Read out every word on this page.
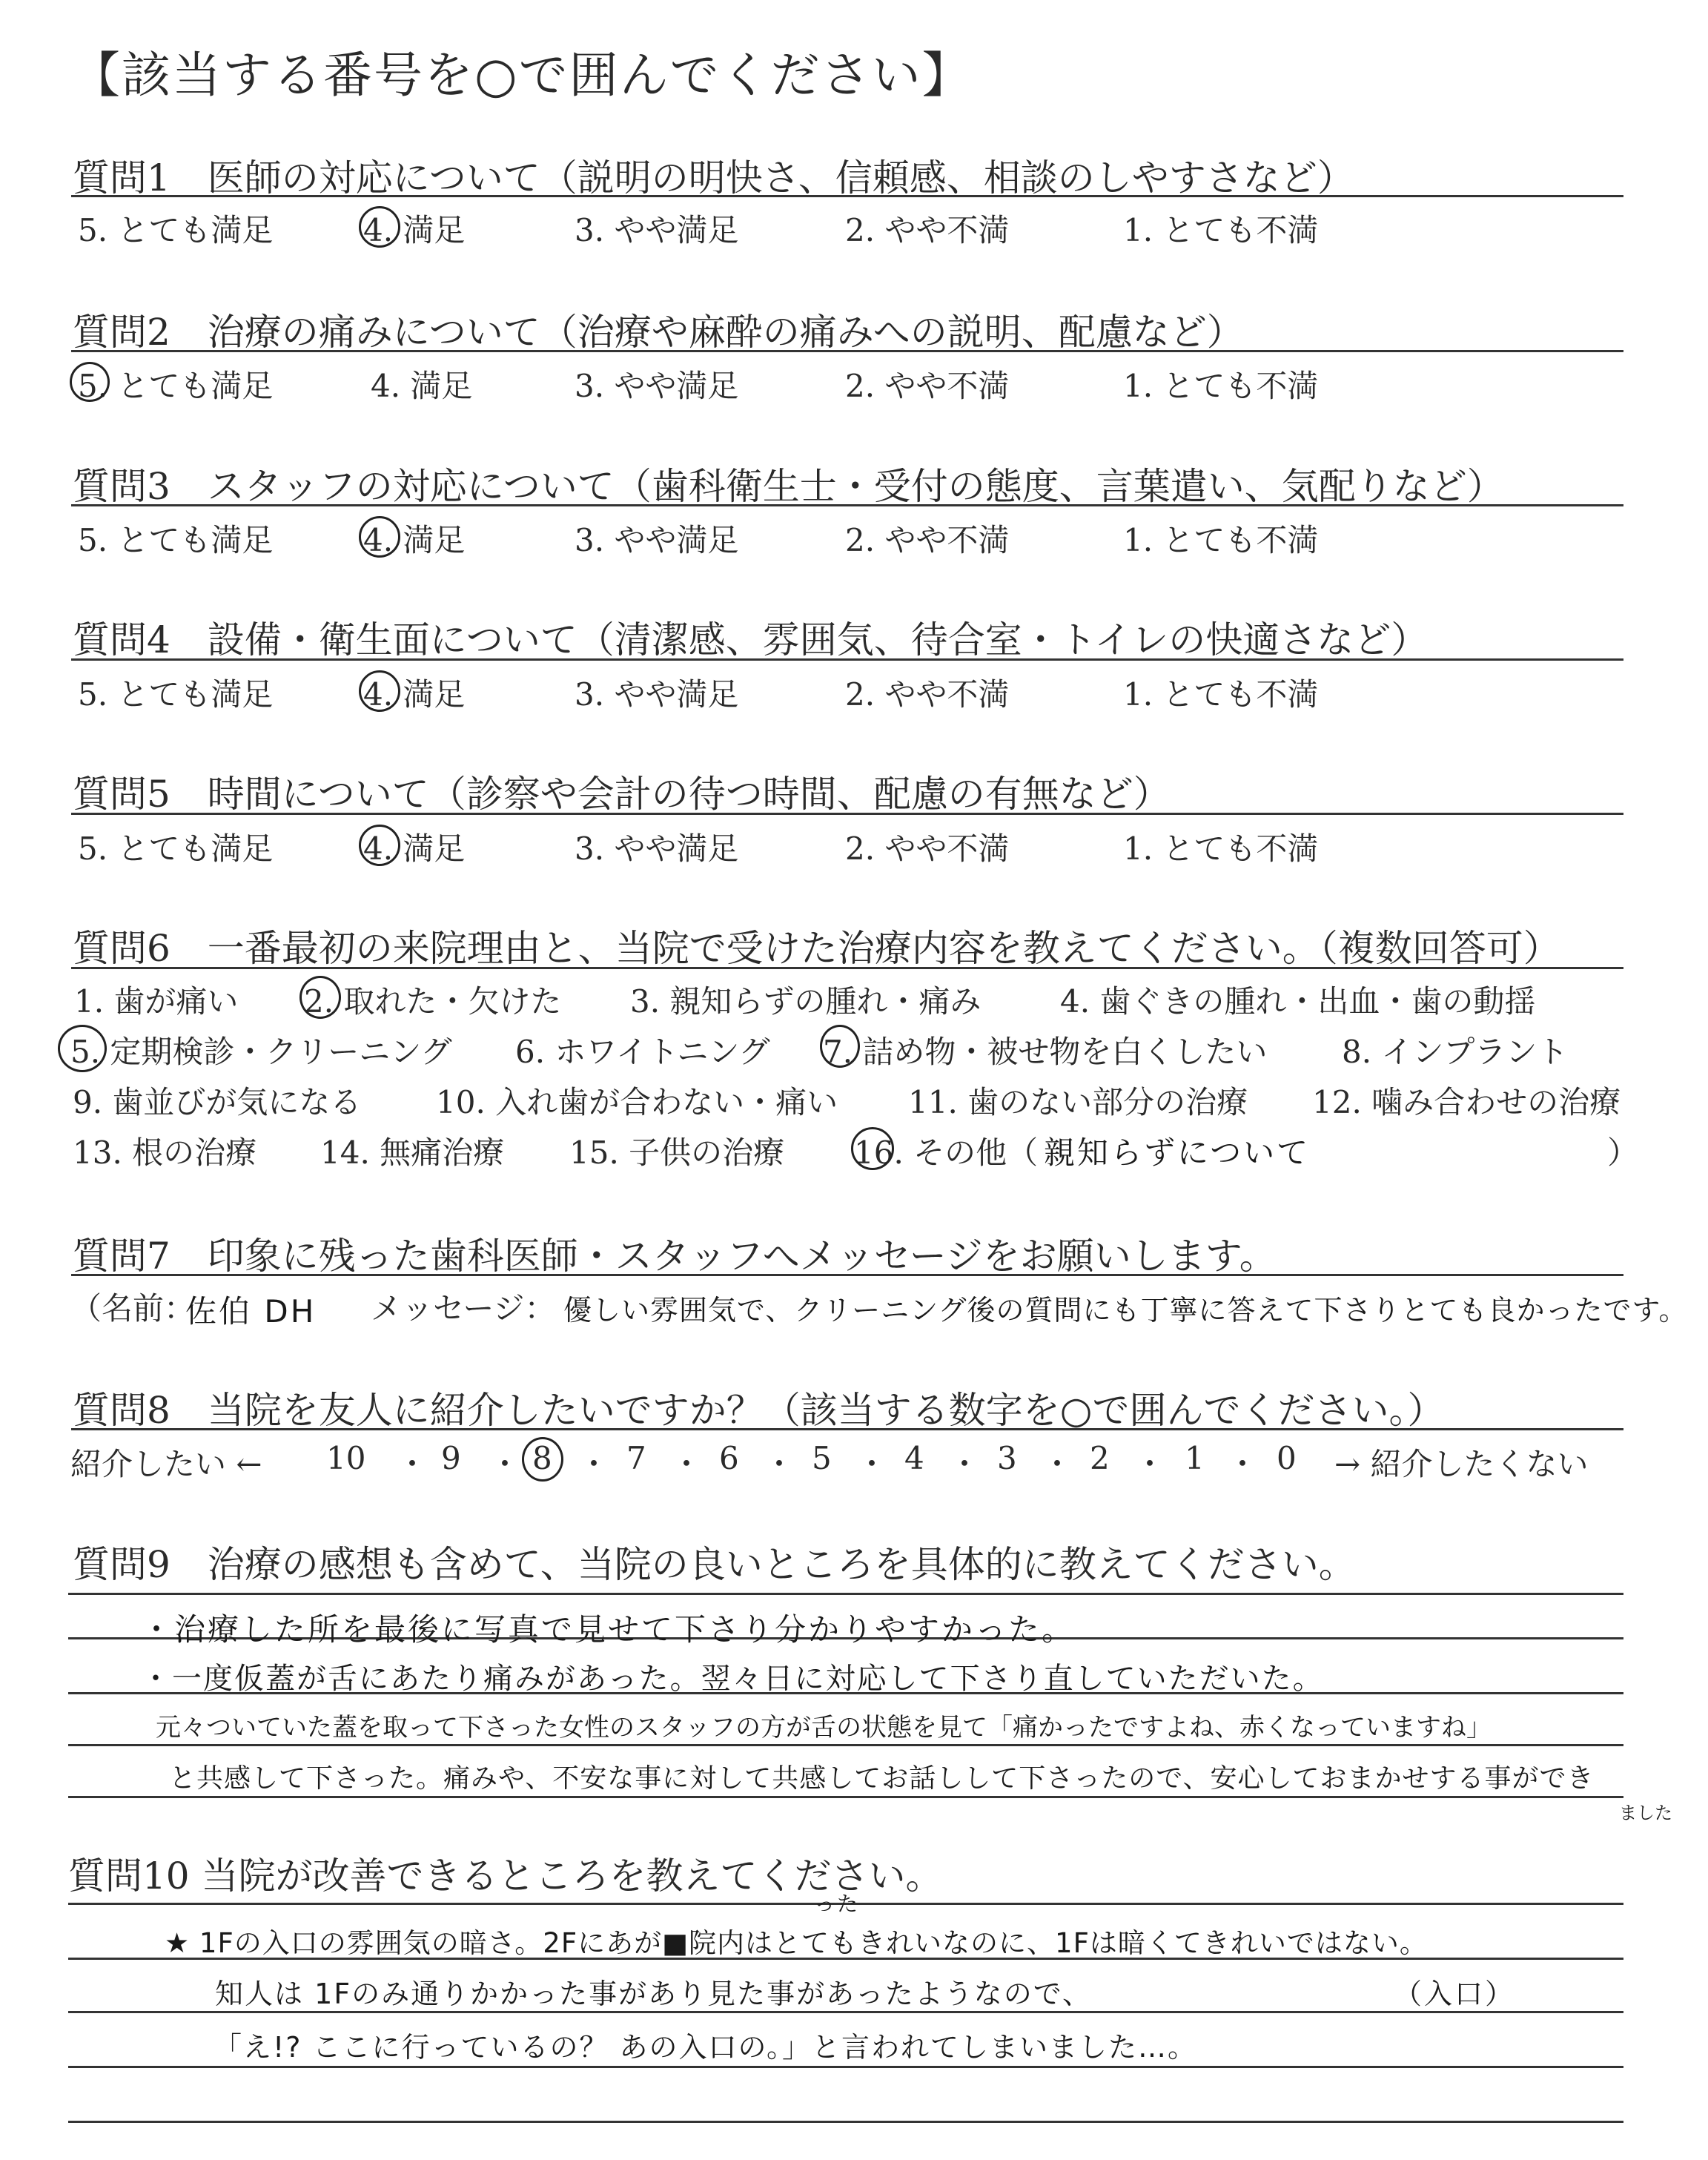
【該当する番号を○で囲んでください】
質問1　医師の対応について（説明の明快さ、信頼感、相談のしやすさなど）
5. とても満足	4. 満足	3. やや満足	2. やや不満	1. とても不満
質問2　治療の痛みについて（治療や麻酔の痛みへの説明、配慮など）
5. とても満足	4. 満足	3. やや満足	2. やや不満	1. とても不満
質問3　スタッフの対応について（歯科衛生士・受付の態度、言葉遣い、気配りなど）
5. とても満足	4. 満足	3. やや満足	2. やや不満	1. とても不満
質問4　設備・衛生面について（清潔感、雰囲気、待合室・トイレの快適さなど）
5. とても満足	4. 満足	3. やや満足	2. やや不満	1. とても不満
質問5　時間について（診察や会計の待つ時間、配慮の有無など）
5. とても満足	4. 満足	3. やや満足	2. やや不満	1. とても不満
質問6　一番最初の来院理由と、当院で受けた治療内容を教えてください。（複数回答可）
1. 歯が痛い 2. 取れた・欠けた 3. 親知らずの腫れ・痛み	4. 歯ぐきの腫れ・出血・歯の動揺
5. 定期検診・クリーニング 6. ホワイトニング 7. 詰め物・被せ物を白くしたい 8. インプラント
9. 歯並びが気になる 10. 入れ歯が合わない・痛い 11. 歯のない部分の治療 12. 噛み合わせの治療
13. 根の治療 14. 無痛治療 15. 子供の治療 16. その他（ 親知らずについて	）
質問7　印象に残った歯科医師・スタッフへメッセージをお願いします。
（名前：
佐伯 DH メッセージ： 優しい雰囲気で、クリーニング後の質問にも丁寧に答えて下さりとても良かったです。
質問8　当院を友人に紹介したいですか？（該当する数字を○で囲んでください。）
紹介したい ← 10 ・ 9 ・ 8 ・ 7 ・ 6 ・ 5 ・ 4 ・ 3 ・ 2 ・ 1 ・ 0 → 紹介したくない
質問9　治療の感想も含めて、当院の良いところを具体的に教えてください。
・治療した所を最後に写真で見せて下さり分かりやすかった。
・一度仮蓋が舌にあたり痛みがあった。翌々日に対応して下さり直していただいた。
元々ついていた蓋を取って下さった女性のスタッフの方が舌の状態を見て「痛かったですよね、赤くなっていますね」
と共感して下さった。痛みや、不安な事に対して共感してお話しして下さったので、安心しておまかせする事ができ
ました
質問10 当院が改善できるところを教えてください。
った
★ 1Fの入口の雰囲気の暗さ。2Fにあが■院内はとてもきれいなのに、1Fは暗くてきれいではない。
知人は 1Fのみ通りかかった事があり見た事があったようなので、	（入口）
「え!? ここに行っているの？ あの入口の。」と言われてしまいました…。
